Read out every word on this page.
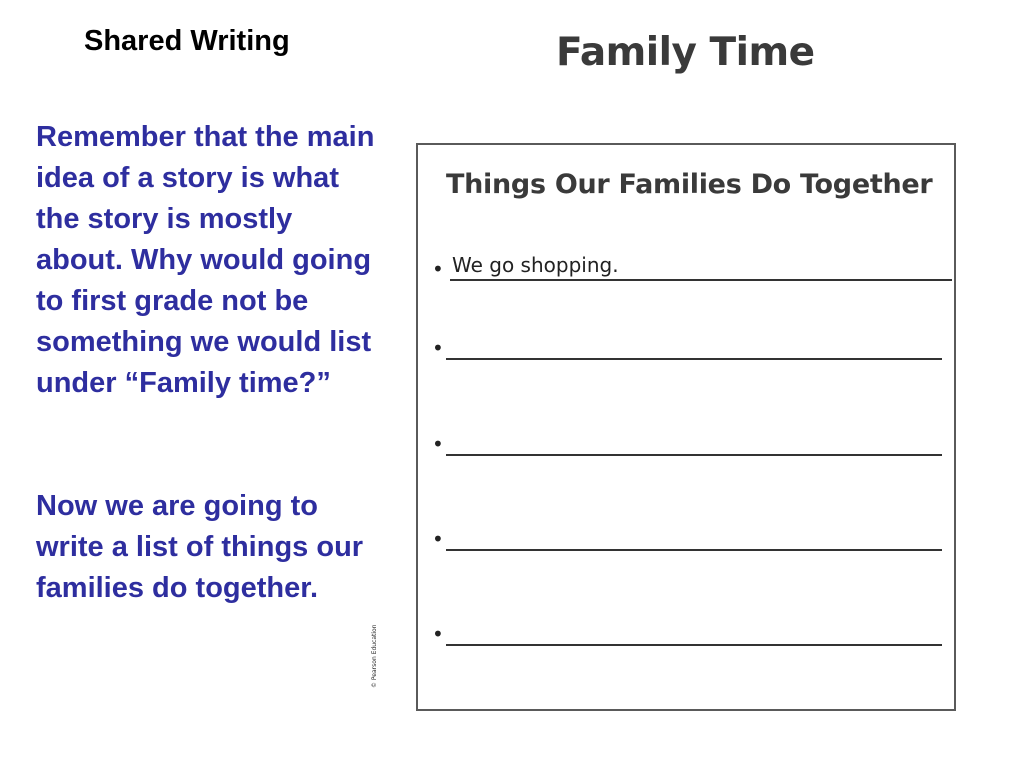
Shared Writing

Remember that the main idea of a story is what the story is mostly about. Why would going to first grade not be something we would list under “Family time?”

Now we are going to write a list of things our families do together.

Family Time
© Pearson Education
Things Our Families Do Together
• We go shopping.
•
•
•
•
